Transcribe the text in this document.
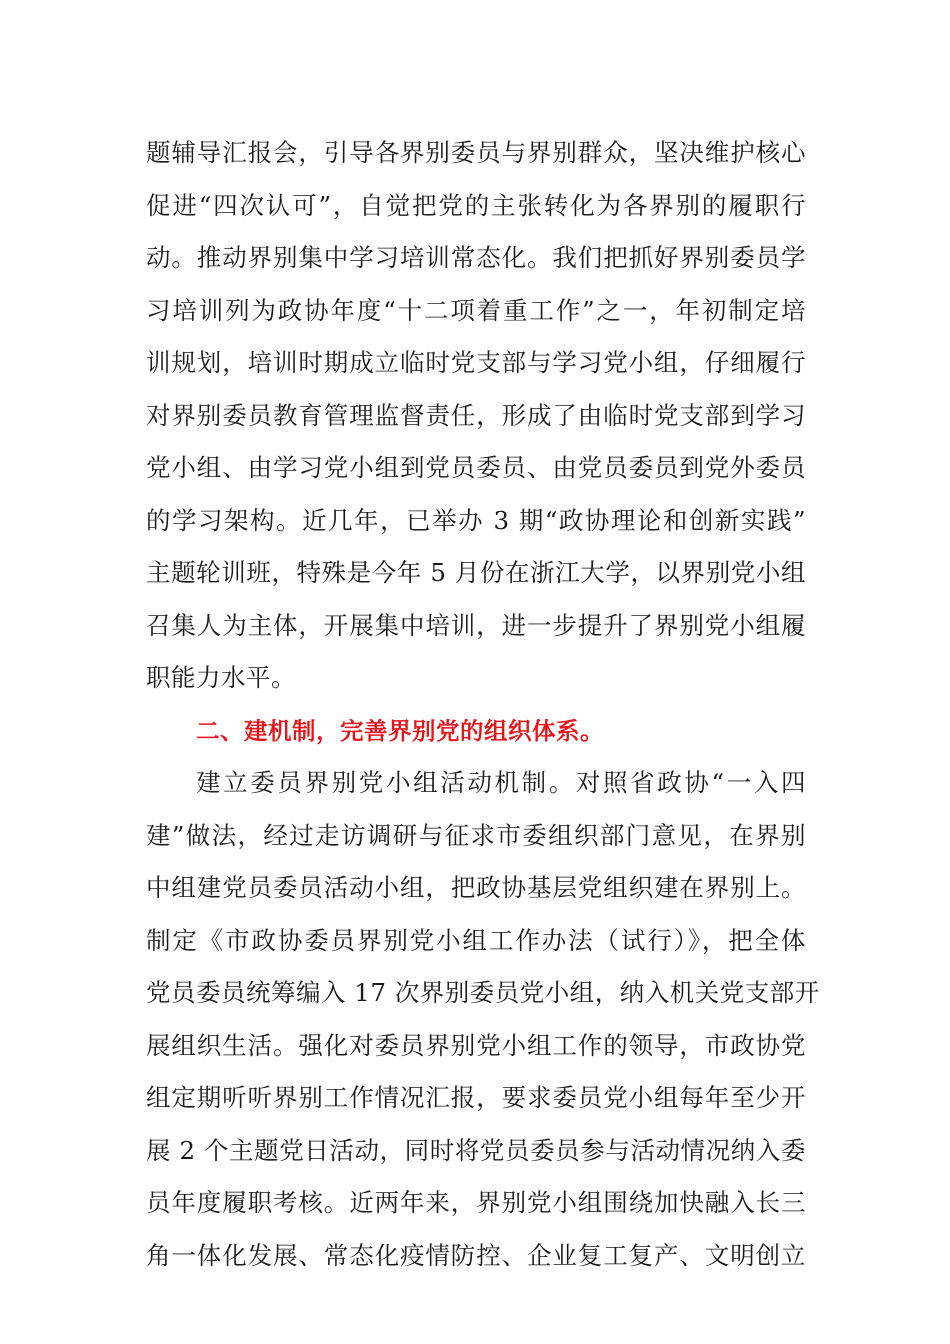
题辅导汇报会，引导各界别委员与界别群众，坚决维护核心
促进“四次认可”，自觉把党的主张转化为各界别的履职行
动。推动界别集中学习培训常态化。我们把抓好界别委员学
习培训列为政协年度“十二项着重工作”之一，年初制定培
训规划，培训时期成立临时党支部与学习党小组，仔细履行
对界别委员教育管理监督责任，形成了由临时党支部到学习
党小组、由学习党小组到党员委员、由党员委员到党外委员
的学习架构。近几年，已举办 3 期“政协理论和创新实践”
主题轮训班，特殊是今年 5 月份在浙江大学，以界别党小组
召集人为主体，开展集中培训，进一步提升了界别党小组履
职能力水平。
二、建机制，完善界别党的组织体系。
建立委员界别党小组活动机制。对照省政协“一入四
建”做法，经过走访调研与征求市委组织部门意见，在界别
中组建党员委员活动小组，把政协基层党组织建在界别上。
制定《市政协委员界别党小组工作办法（试行）》，把全体
党员委员统筹编入 17 次界别委员党小组，纳入机关党支部开
展组织生活。强化对委员界别党小组工作的领导，市政协党
组定期听听界别工作情况汇报，要求委员党小组每年至少开
展 2 个主题党日活动，同时将党员委员参与活动情况纳入委
员年度履职考核。近两年来，界别党小组围绕加快融入长三
角一体化发展、常态化疫情防控、企业复工复产、文明创立
